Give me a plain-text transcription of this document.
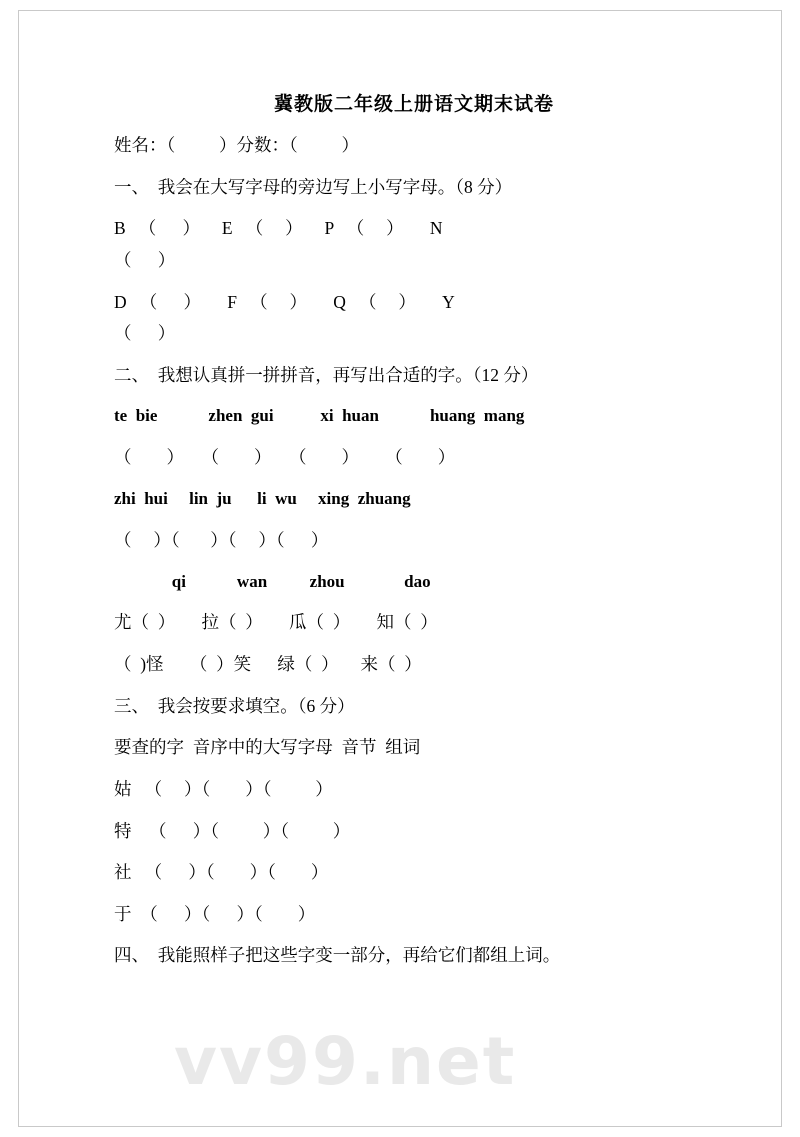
冀教版二年级上册语文期末试卷
姓名：（          ）分数：（          ）
一、  我会在大写字母的旁边写上小写字母。（8 分）
B   （      ）     E   （     ）     P   （     ）      N
（      ）
D   （      ）      F   （     ）      Q   （     ）      Y
（      ）
二、  我想认真拼一拼拼音，再写出合适的字。（12 分）
te  bie            zhen  gui           xi  huan            huang  mang
（        ）    （        ）    （        ）      （        ）
zhi  hui     lin  ju      li  wu     xing  zhuang
（     ）（       ）（     ）（      ）
qi            wan          zhou              dao
尤（  ）      拉（  ）      瓜（  ）      知（  ）
（  )怪      （  ）笑      绿（  ）     来（  ）
三、  我会按要求填空。（6 分）
要查的字  音序中的大写字母  音节  组词
姑   （     ）（        ）（          ）
特    （      ）（          ）（          ）
社   （      ）（        ）（        ）
于  （      ）（      ）（        ）
四、  我能照样子把这些字变一部分，再给它们都组上词。
vv99.net
